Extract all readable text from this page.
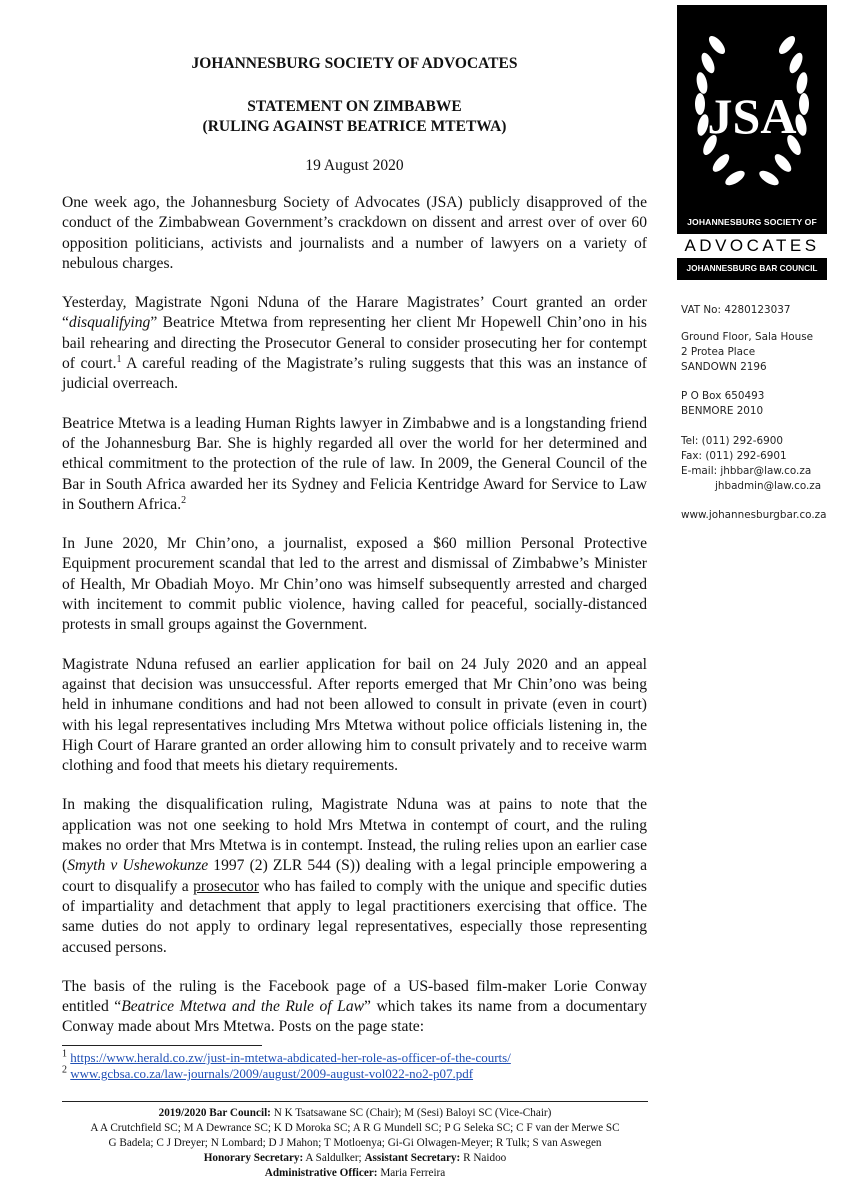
JOHANNESBURG SOCIETY OF ADVOCATES

STATEMENT ON ZIMBABWE
(RULING AGAINST BEATRICE MTETWA)

19 August 2020

One week ago, the Johannesburg Society of Advocates (JSA) publicly disapproved of the conduct of the Zimbabwean Government’s crackdown on dissent and arrest over of over 60 opposition politicians, activists and journalists and a number of lawyers on a variety of nebulous charges.

Yesterday, Magistrate Ngoni Nduna of the Harare Magistrates’ Court granted an order “disqualifying” Beatrice Mtetwa from representing her client Mr Hopewell Chin’ono in his bail rehearing and directing the Prosecutor General to consider prosecuting her for contempt of court.$^1$ A careful reading of the Magistrate’s ruling suggests that this was an instance of judicial overreach.

Beatrice Mtetwa is a leading Human Rights lawyer in Zimbabwe and is a longstanding friend of the Johannesburg Bar. She is highly regarded all over the world for her determined and ethical commitment to the protection of the rule of law. In 2009, the General Council of the Bar in South Africa awarded her its Sydney and Felicia Kentridge Award for Service to Law in Southern Africa.$^2$

In June 2020, Mr Chin’ono, a journalist, exposed a $60 million Personal Protective Equipment procurement scandal that led to the arrest and dismissal of Zimbabwe’s Minister of Health, Mr Obadiah Moyo. Mr Chin’ono was himself subsequently arrested and charged with incitement to commit public violence, having called for peaceful, socially-distanced protests in small groups against the Government.

Magistrate Nduna refused an earlier application for bail on 24 July 2020 and an appeal against that decision was unsuccessful. After reports emerged that Mr Chin’ono was being held in inhumane conditions and had not been allowed to consult in private (even in court) with his legal representatives including Mrs Mtetwa without police officials listening in, the High Court of Harare granted an order allowing him to consult privately and to receive warm clothing and food that meets his dietary requirements.

In making the disqualification ruling, Magistrate Nduna was at pains to note that the application was not one seeking to hold Mrs Mtetwa in contempt of court, and the ruling makes no order that Mrs Mtetwa is in contempt. Instead, the ruling relies upon an earlier case (Smyth v Ushewokunze 1997 (2) ZLR 544 (S)) dealing with a legal principle empowering a court to disqualify a prosecutor who has failed to comply with the unique and specific duties of impartiality and detachment that apply to legal practitioners exercising that office. The same duties do not apply to ordinary legal representatives, especially those representing accused persons.

The basis of the ruling is the Facebook page of a US-based film-maker Lorie Conway entitled “Beatrice Mtetwa and the Rule of Law” which takes its name from a documentary Conway made about Mrs Mtetwa. Posts on the page state:

$^1$ https://www.herald.co.zw/just-in-mtetwa-abdicated-her-role-as-officer-of-the-courts/
$^2$ www.gcbsa.co.za/law-journals/2009/august/2009-august-vol022-no2-p07.pdf
2019/2020 Bar Council: N K Tsatsawane SC (Chair); M (Sesi) Baloyi SC (Vice-Chair)
A A Crutchfield SC; M A Dewrance SC; K D Moroka SC; A R G Mundell SC; P G Seleka SC; C F van der Merwe SC
G Badela; C J Dreyer; N Lombard; D J Mahon; T Motloenya; Gi-Gi Olwagen-Meyer; R Tulk; S van Aswegen
Honorary Secretary: A Saldulker; Assistant Secretary: R Naidoo
Administrative Officer: Maria Ferreira
JSA
JOHANNESBURG SOCIETY OF
ADVOCATES
JOHANNESBURG BAR COUNCIL
VAT No: 4280123037
Ground Floor, Sala House
2 Protea Place
SANDOWN 2196
P O Box 650493
BENMORE 2010
Tel: (011) 292-6900
Fax: (011) 292-6901
E-mail: jhbbar@law.co.za
jhbadmin@law.co.za
www.johannesburgbar.co.za
